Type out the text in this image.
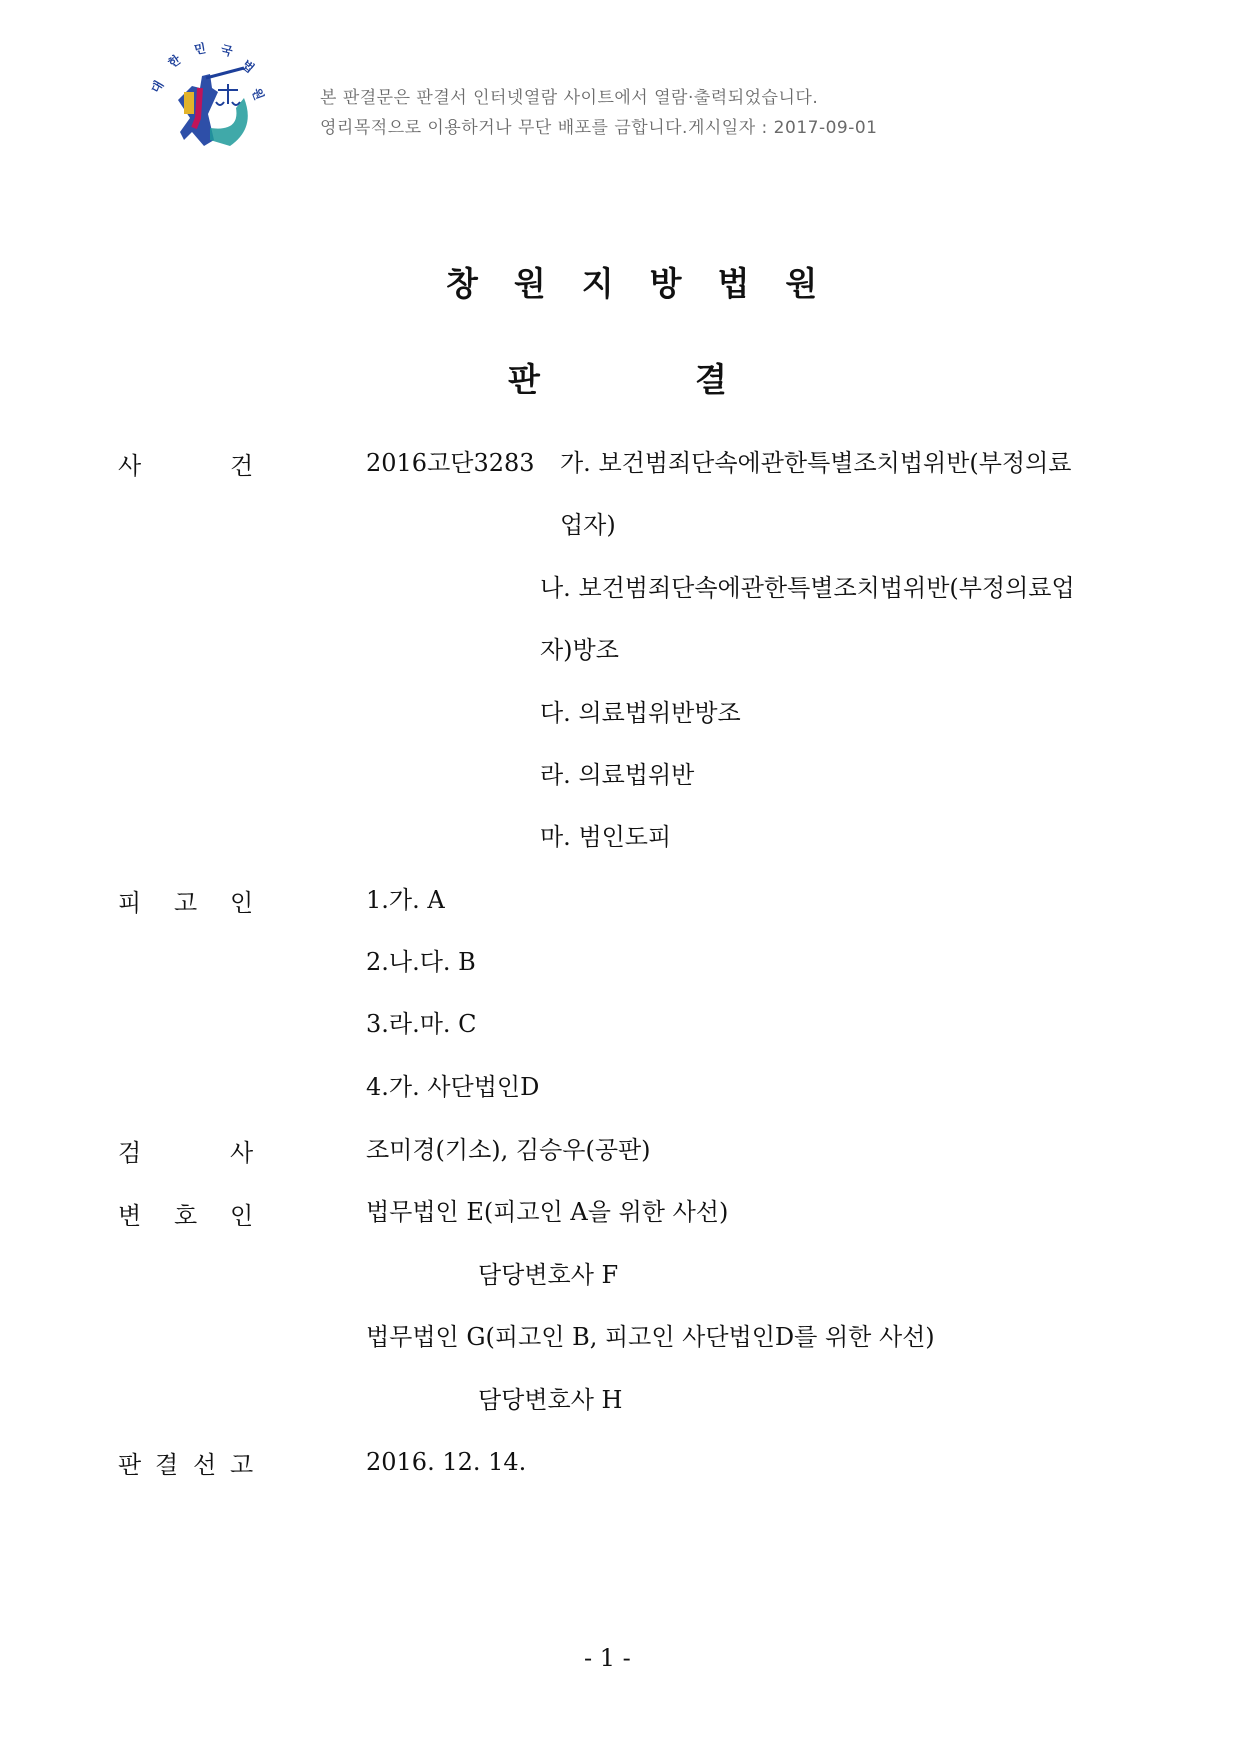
대
한
민 국
법
원	본 판결문은 판결서 인터넷열람 사이트에서 열람·출력되었습니다.
영리목적으로 이용하거나 무단 배포를 금합니다.게시일자 : 2017-09-01
창원지방법원
판	결
사	건	2016고단3283 가. 보건범죄단속에관한특별조치법위반(부정의료
업자)
나. 보건범죄단속에관한특별조치법위반(부정의료업
자)방조
다. 의료법위반방조
라. 의료법위반
마. 범인도피
피 고 인	1.가. A
2.나.다. B
3.라.마. C
4.가. 사단법인D
검	사	조미경(기소), 김승우(공판)
변 호 인	법무법인 E(피고인 A을 위한 사선)
담당변호사 F
법무법인 G(피고인 B, 피고인 사단법인D를 위한 사선)
담당변호사 H
판 결 선 고	2016. 12. 14.
- 1 -
